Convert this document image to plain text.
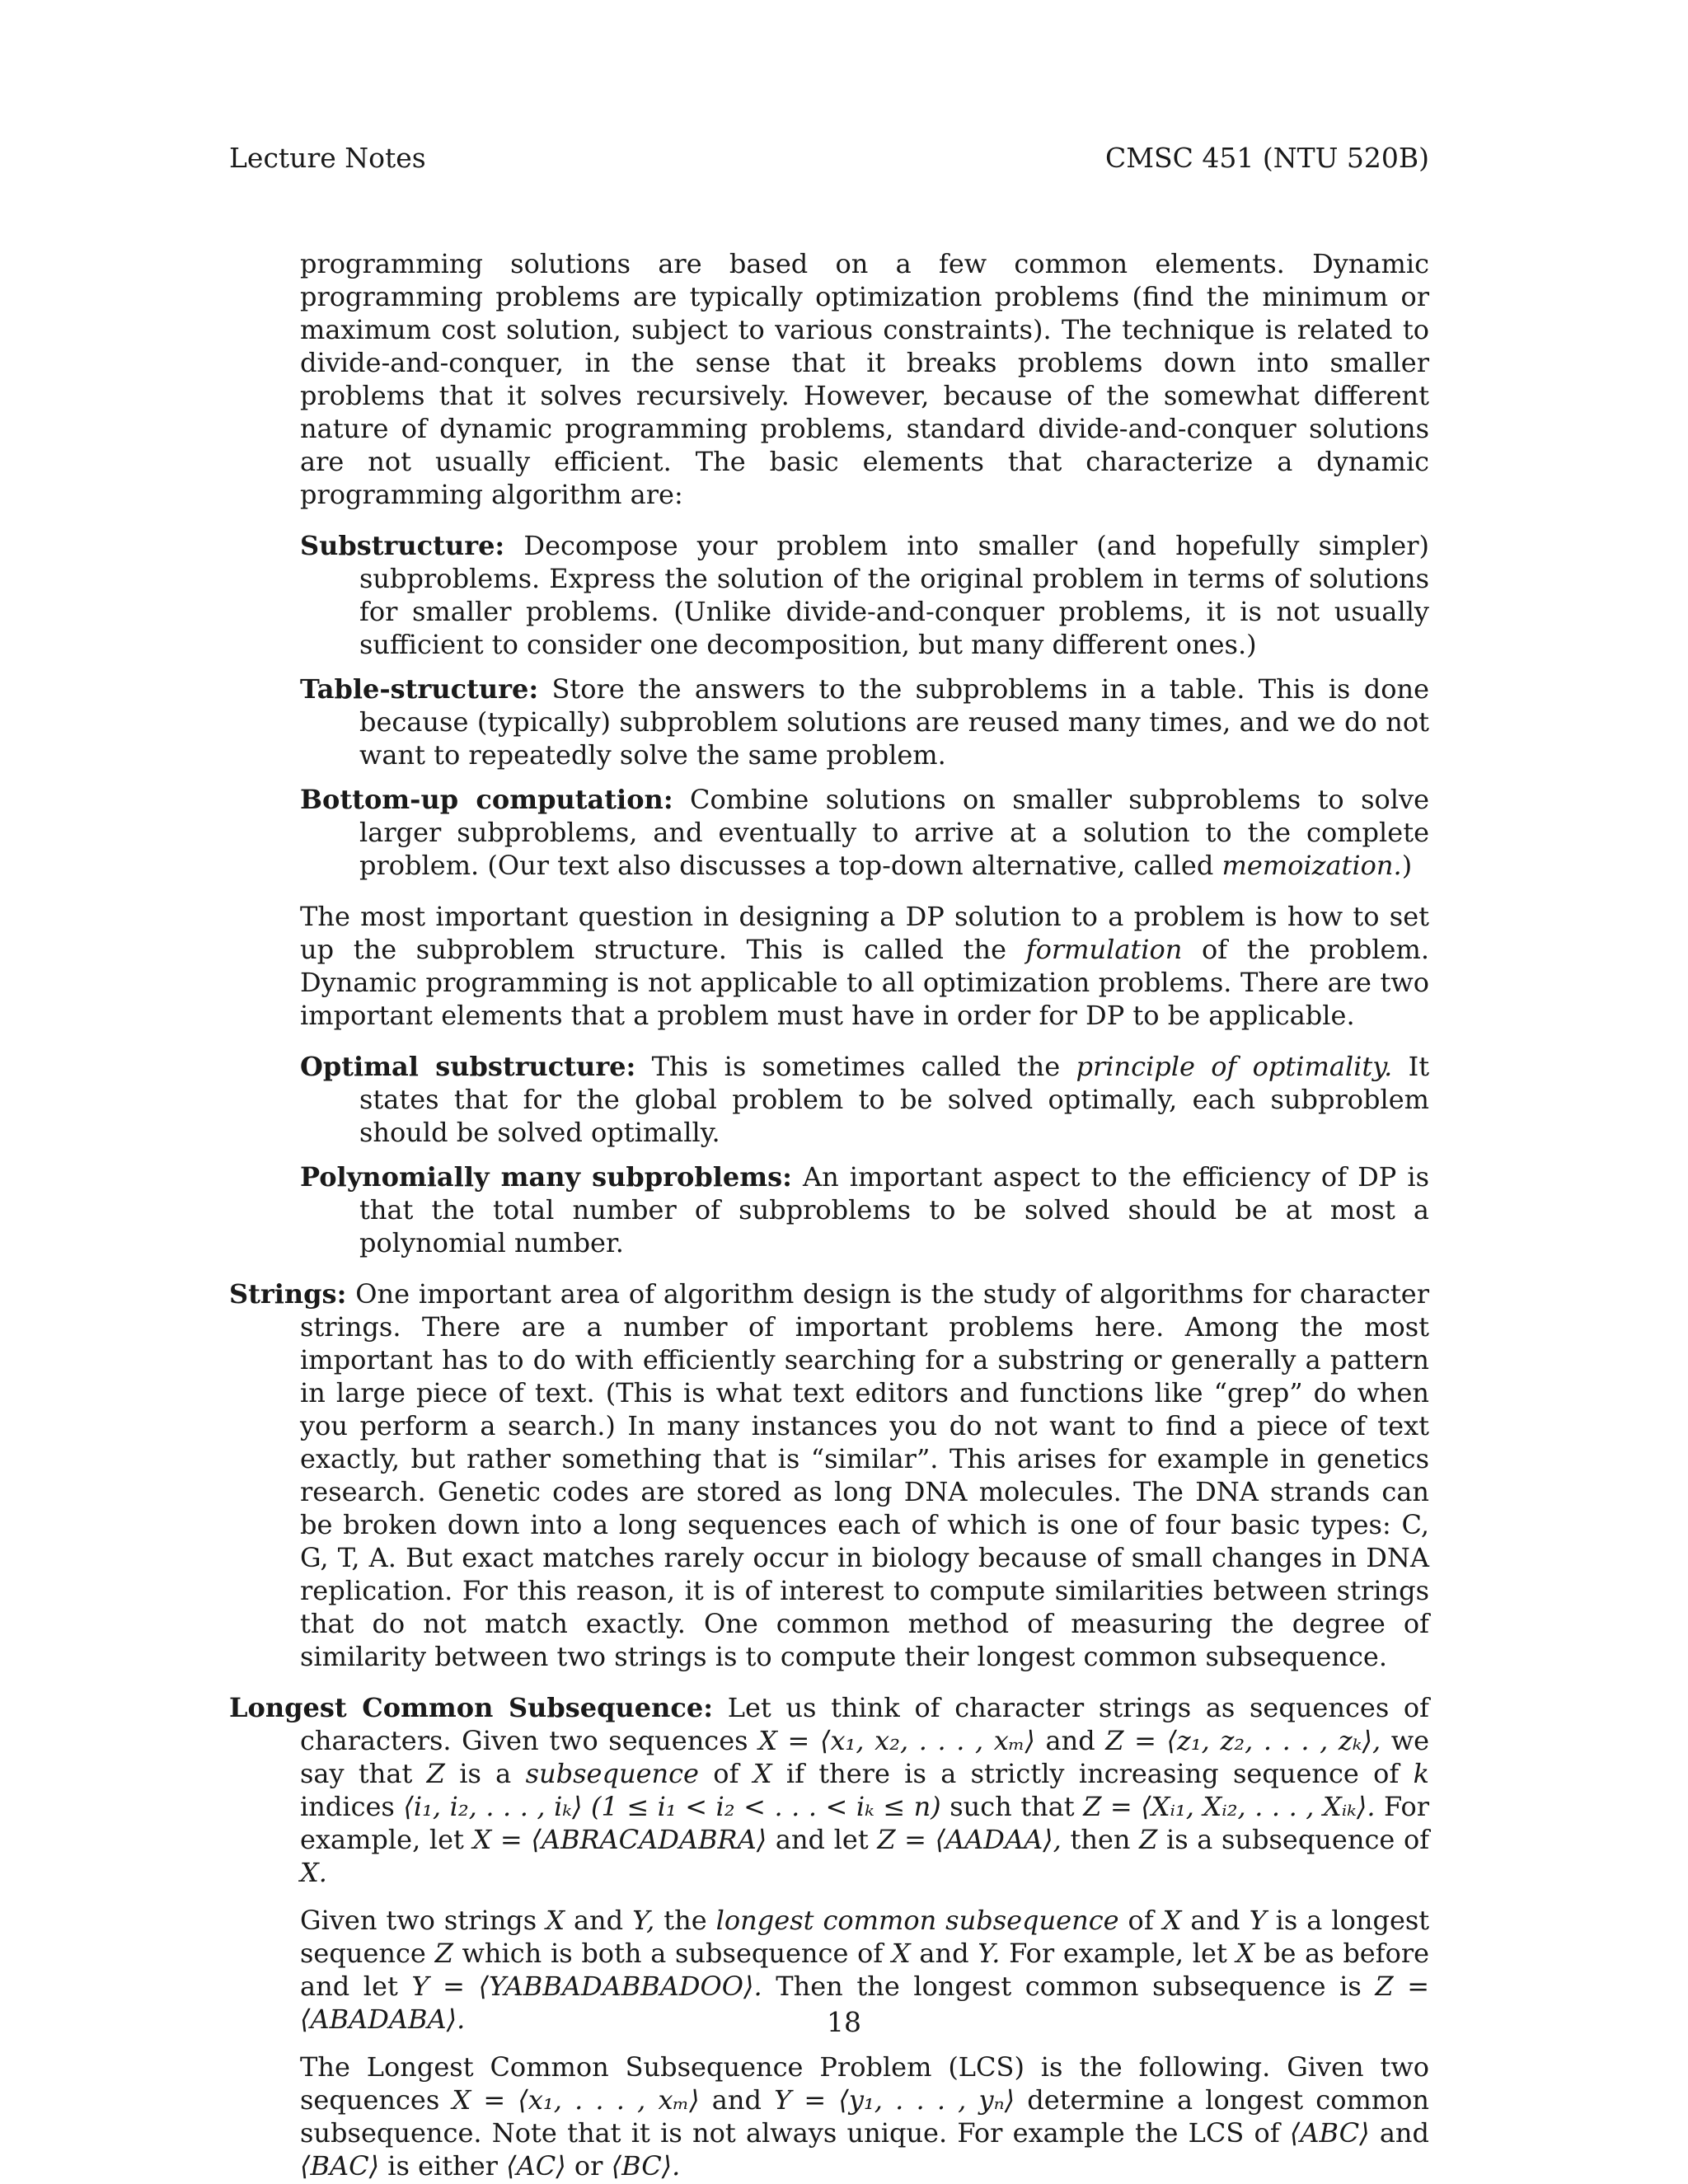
Lecture Notes	CMSC 451 (NTU 520B)

programming solutions are based on a few common elements. Dynamic programming problems are typically optimization problems (find the minimum or maximum cost solution, subject to various constraints). The technique is related to divide-and-conquer, in the sense that it breaks problems down into smaller problems that it solves recursively. However, because of the somewhat different nature of dynamic programming problems, standard divide-and-conquer solutions are not usually efficient. The basic elements that characterize a dynamic programming algorithm are:

Substructure: Decompose your problem into smaller (and hopefully simpler) subproblems. Express the solution of the original problem in terms of solutions for smaller problems. (Unlike divide-and-conquer problems, it is not usually sufficient to consider one decomposition, but many different ones.)

Table-structure: Store the answers to the subproblems in a table. This is done because (typically) subproblem solutions are reused many times, and we do not want to repeatedly solve the same problem.

Bottom-up computation: Combine solutions on smaller subproblems to solve larger subproblems, and eventually to arrive at a solution to the complete problem. (Our text also discusses a top-down alternative, called memoization.)

The most important question in designing a DP solution to a problem is how to set up the subproblem structure. This is called the formulation of the problem. Dynamic programming is not applicable to all optimization problems. There are two important elements that a problem must have in order for DP to be applicable.

Optimal substructure: This is sometimes called the principle of optimality. It states that for the global problem to be solved optimally, each subproblem should be solved optimally.

Polynomially many subproblems: An important aspect to the efficiency of DP is that the total number of subproblems to be solved should be at most a polynomial number.

Strings: One important area of algorithm design is the study of algorithms for character strings. There are a number of important problems here. Among the most important has to do with efficiently searching for a substring or generally a pattern in large piece of text. (This is what text editors and functions like “grep” do when you perform a search.) In many instances you do not want to find a piece of text exactly, but rather something that is “similar”. This arises for example in genetics research. Genetic codes are stored as long DNA molecules. The DNA strands can be broken down into a long sequences each of which is one of four basic types: C, G, T, A. But exact matches rarely occur in biology because of small changes in DNA replication. For this reason, it is of interest to compute similarities between strings that do not match exactly. One common method of measuring the degree of similarity between two strings is to compute their longest common subsequence.

Longest Common Subsequence: Let us think of character strings as sequences of characters. Given two sequences X = ⟨x₁, x₂, . . . , xₘ⟩ and Z = ⟨z₁, z₂, . . . , zₖ⟩, we say that Z is a subsequence of X if there is a strictly increasing sequence of k indices ⟨i₁, i₂, . . . , iₖ⟩ (1 ≤ i₁ < i₂ < . . . < iₖ ≤ n) such that Z = ⟨Xᵢ₁, Xᵢ₂, . . . , Xᵢₖ⟩. For example, let X = ⟨ABRACADABRA⟩ and let Z = ⟨AADAA⟩, then Z is a subsequence of X.

Given two strings X and Y, the longest common subsequence of X and Y is a longest sequence Z which is both a subsequence of X and Y. For example, let X be as before and let Y = ⟨YABBADABBADOO⟩. Then the longest common subsequence is Z = ⟨ABADABA⟩.

The Longest Common Subsequence Problem (LCS) is the following. Given two sequences X = ⟨x₁, . . . , xₘ⟩ and Y = ⟨y₁, . . . , yₙ⟩ determine a longest common subsequence. Note that it is not always unique. For example the LCS of ⟨ABC⟩ and ⟨BAC⟩ is either ⟨AC⟩ or ⟨BC⟩.

18
